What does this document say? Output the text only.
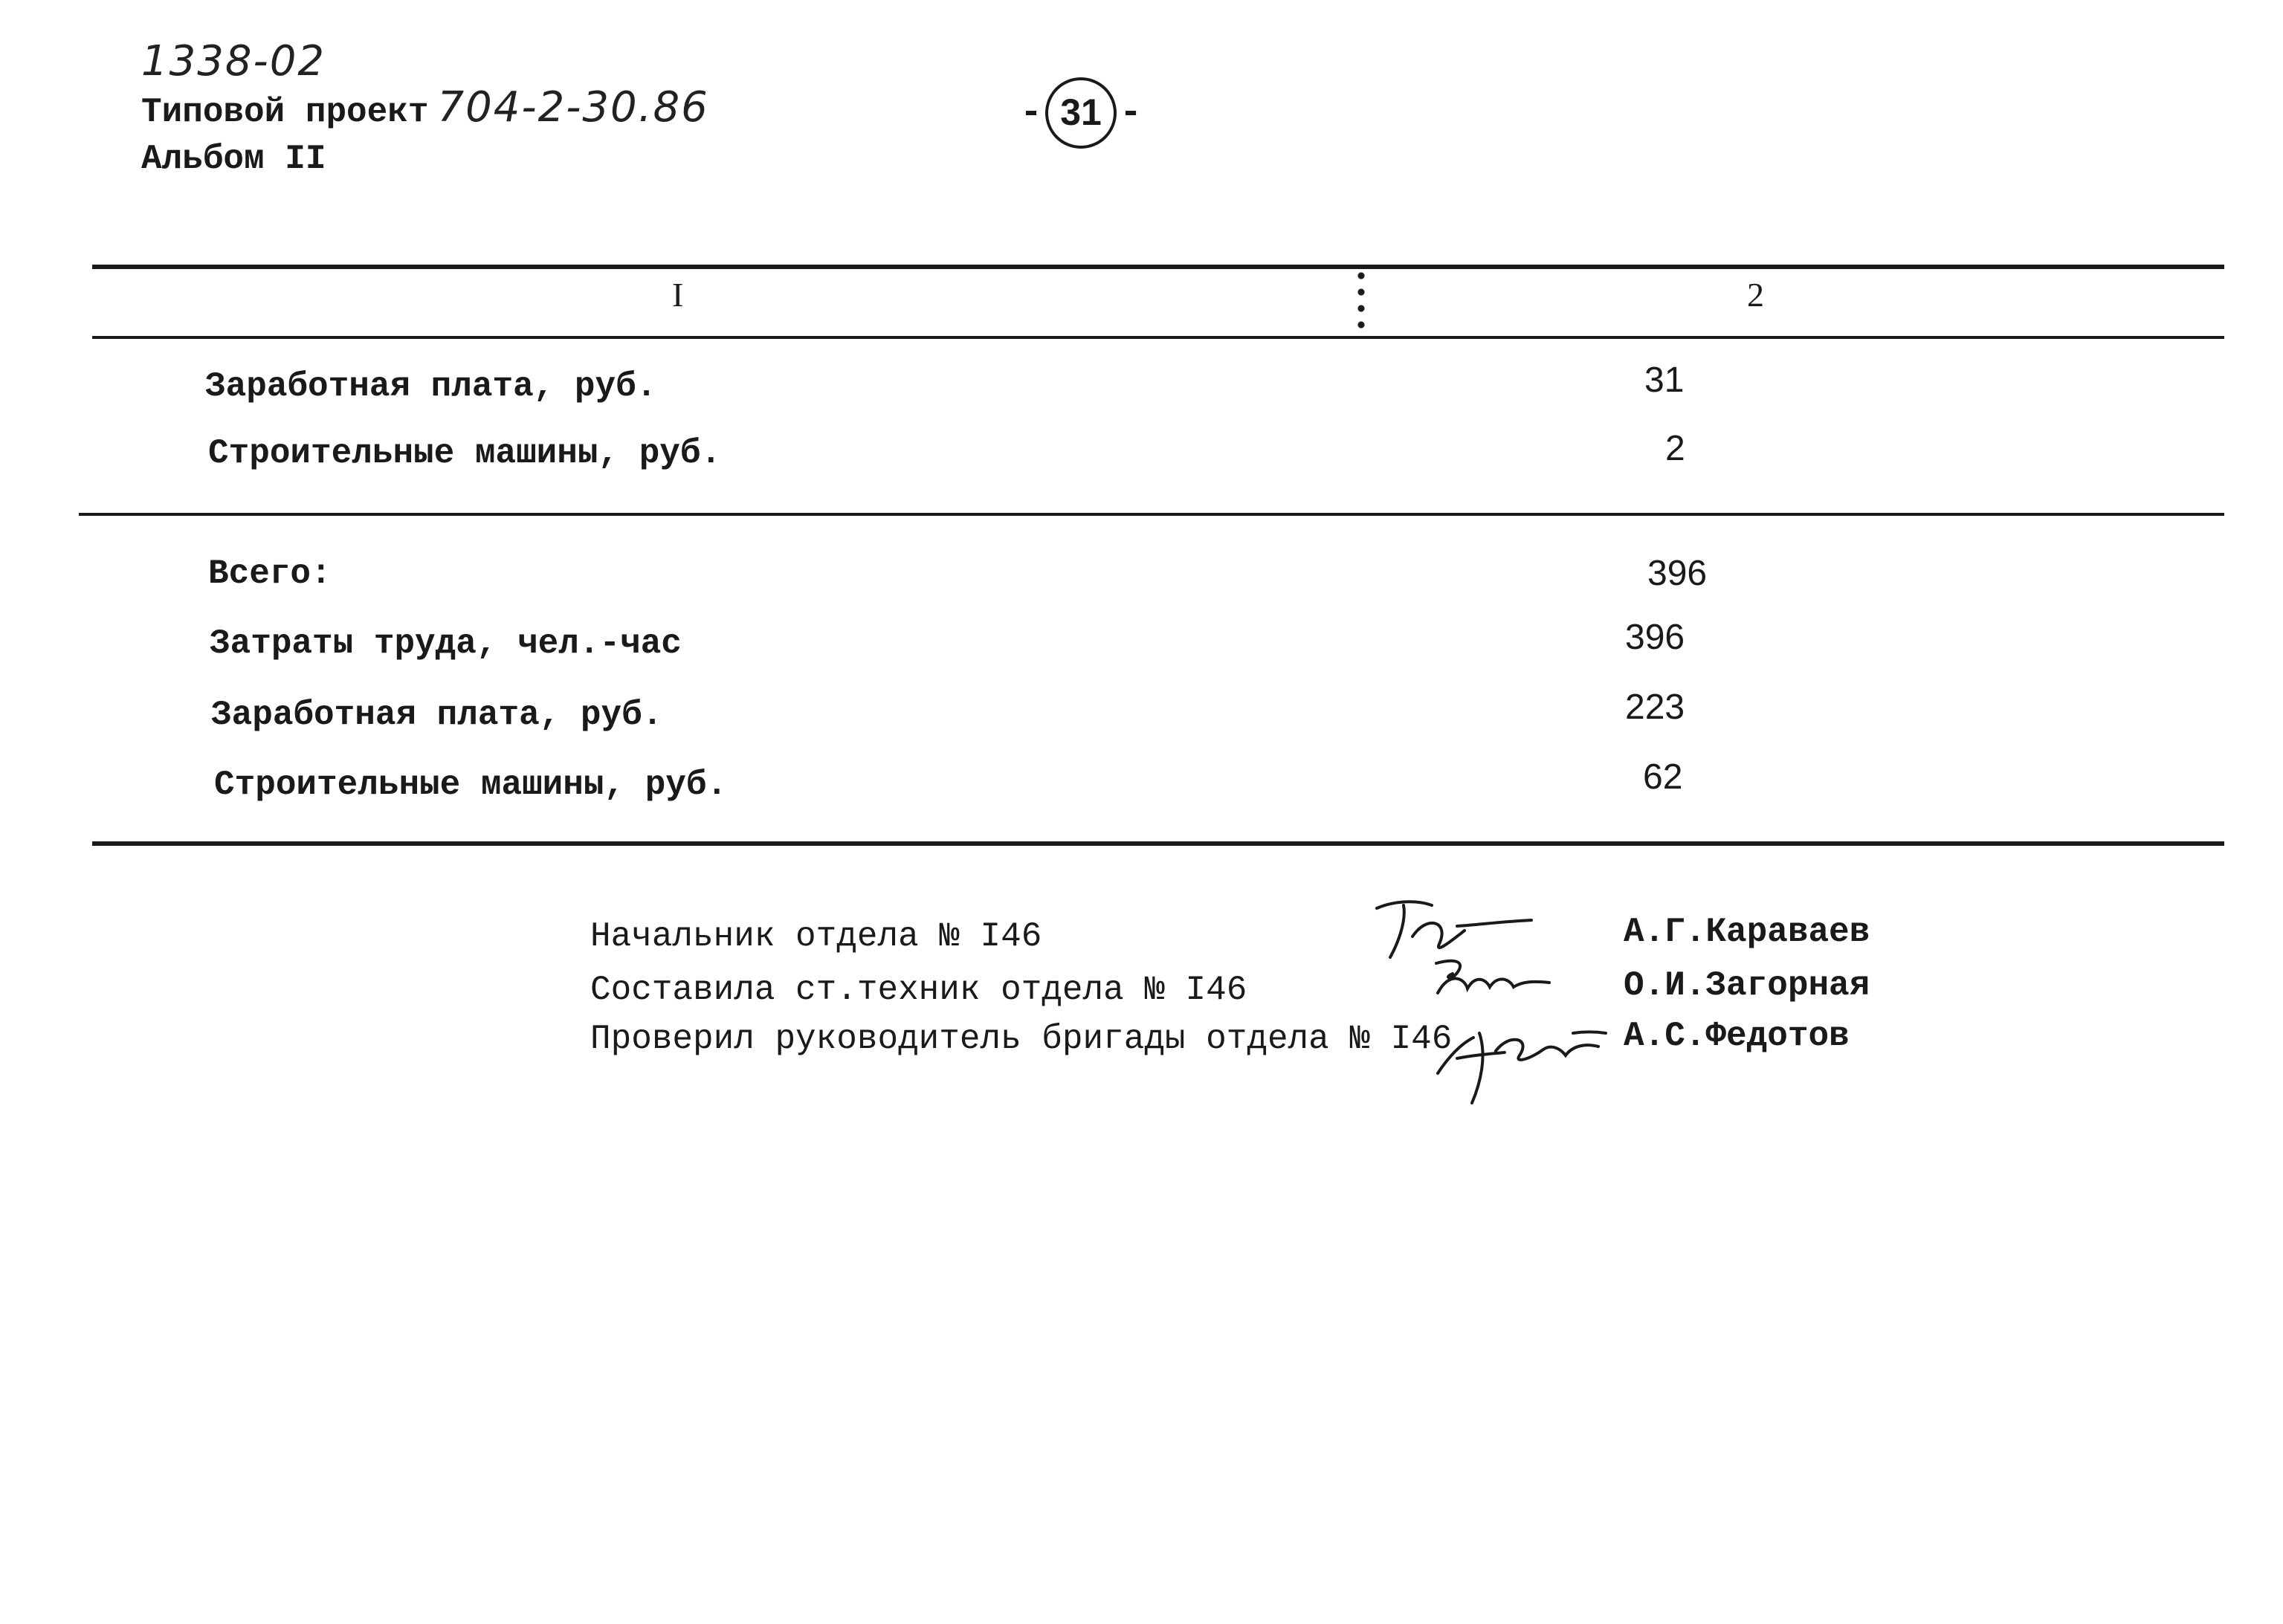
1338-02
Типовой проект 704-2-30.86
Альбом II
- 31 -
I	2
Заработная плата, руб.	31
Строительные машины, руб.	2
Всего:	396
Затраты труда, чел.-час	396
Заработная плата, руб.	223
Строительные машины, руб.	62
Начальник отдела № I46	А.Г.Караваев
Составила ст.техник отдела № I46	О.И.Загорная
Проверил руководитель бригады отдела № I46	А.С.Федотов
